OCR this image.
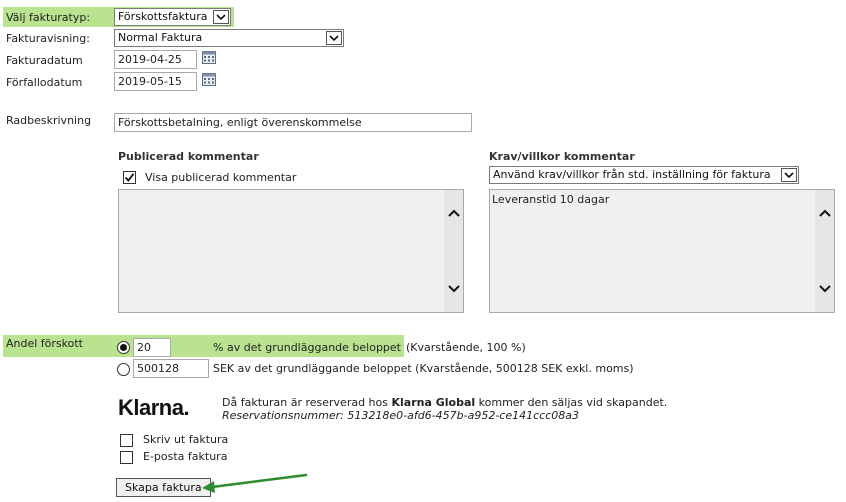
Välj fakturatyp:	Förskottsfaktura
Fakturavisning:	Normal Faktura
Fakturadatum	2019-04-25
Förfallodatum	2019-05-15
Radbeskrivning	Förskottsbetalning, enligt överenskommelse
Publicerad kommentar
Visa publicerad kommentar
Krav/villkor kommentar
Använd krav/villkor från std. inställning för faktura
Leveranstid 10 dagar
Andel förskott	20	% av det grundläggande beloppet (Kvarstående, 100 %)
500128	SEK av det grundläggande beloppet (Kvarstående, 500128 SEK exkl. moms)
Klarna.	Då fakturan är reserverad hos Klarna Global kommer den säljas vid skapandet.
Reservationsnummer: 513218e0-afd6-457b-a952-ce141ccc08a3
Skriv ut faktura
E-posta faktura
Skapa faktura
